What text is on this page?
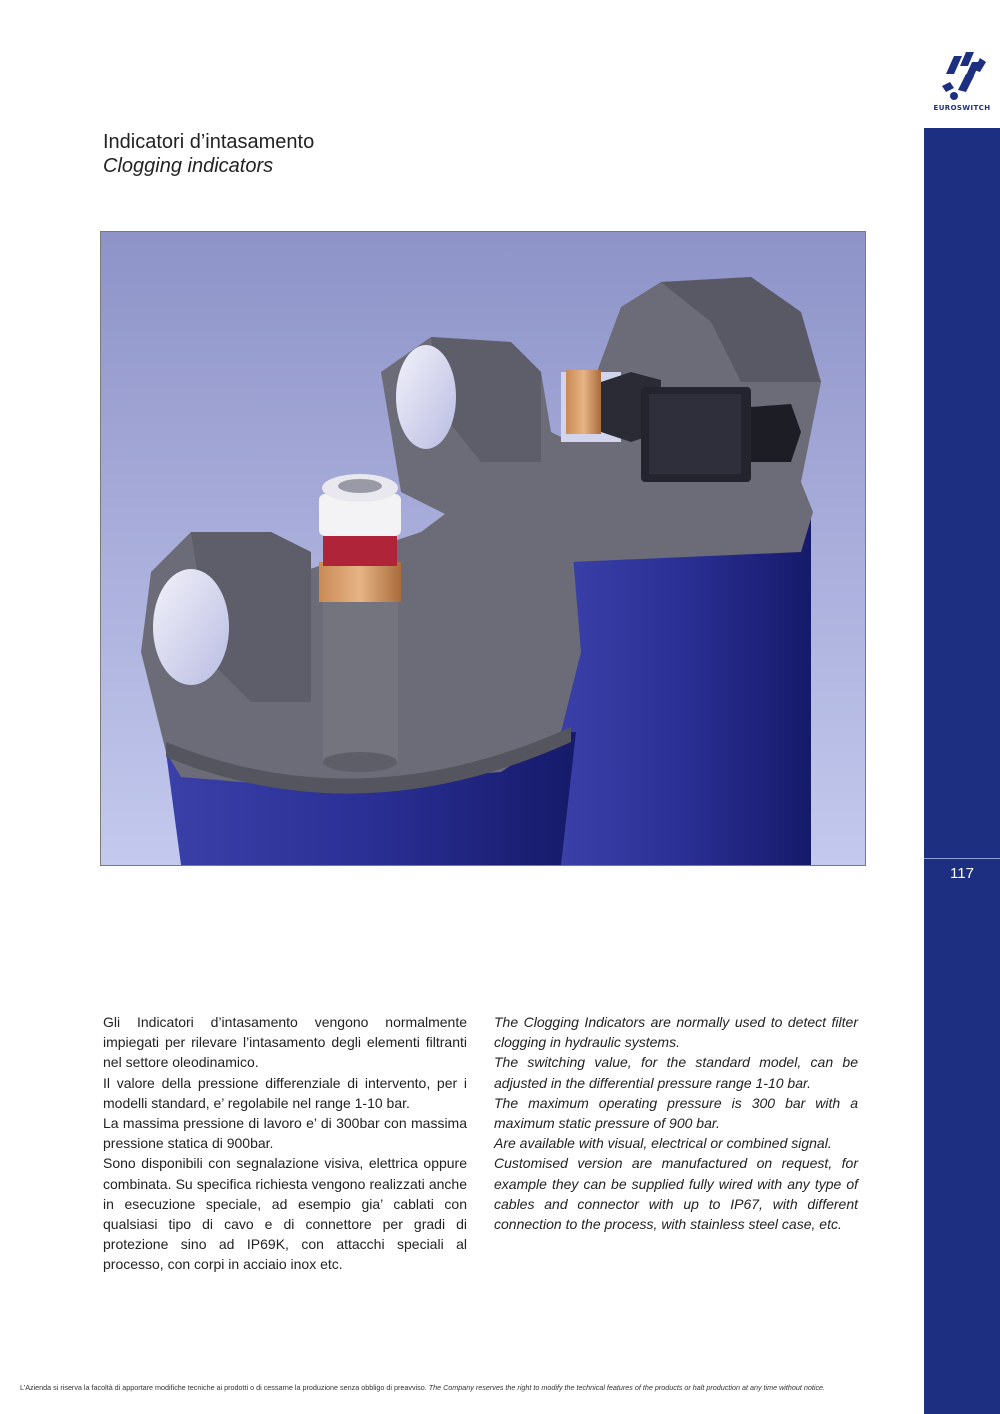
EUROSWITCH
117
Indicatori d’intasamento
Clogging indicators

Gli Indicatori d’intasamento vengono normalmente impiegati per rilevare l’intasamento degli elementi filtranti nel settore oleodinamico.

Il valore della pressione differenziale di intervento, per i modelli standard, e’ regolabile nel range 1-10 bar.

La massima pressione di lavoro e’ di 300bar con massima pressione statica di 900bar.

Sono disponibili con segnalazione visiva, elettrica oppure combinata. Su specifica richiesta vengono realizzati anche in esecuzione speciale, ad esempio gia’ cablati con qualsiasi tipo di cavo e di connettore per gradi di protezione sino ad IP69K, con attacchi speciali al processo, con corpi in acciaio inox etc.

The Clogging Indicators are normally used to detect filter clogging in hydraulic systems.

The switching value, for the standard model, can be adjusted in the differential pressure range 1-10 bar.

The maximum operating pressure is 300 bar with a maximum static pressure of 900 bar.

Are available with visual, electrical or combined signal.

Customised version are manufactured on request, for example they can be supplied fully wired with any type of cables and connector with up to IP67, with different connection to the process, with stainless steel case, etc.

L’Azienda si riserva la facoltà di apportare modifiche tecniche ai prodotti o di cessarne la produzione senza obbligo di preavviso. The Company reserves the right to modify the technical features of the products or halt production at any time without notice.
